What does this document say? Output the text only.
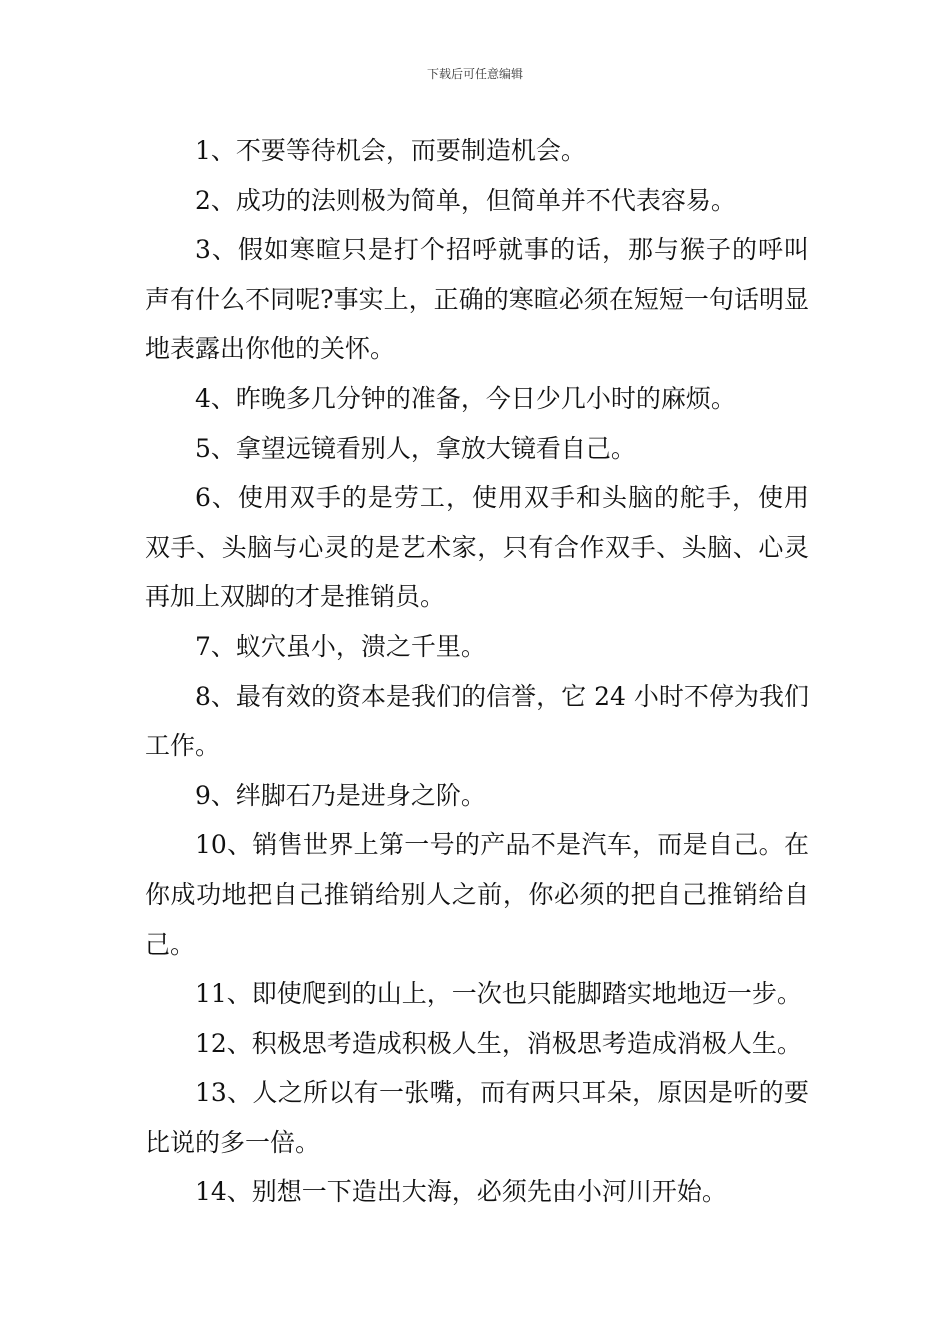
下载后可任意编辑

1、不要等待机会，而要制造机会。

2、成功的法则极为简单，但简单并不代表容易。

3、假如寒暄只是打个招呼就事的话，那与猴子的呼叫声有什么不同呢?事实上，正确的寒暄必须在短短一句话明显地表露出你他的关怀。

4、昨晚多几分钟的准备，今日少几小时的麻烦。

5、拿望远镜看别人，拿放大镜看自己。

6、使用双手的是劳工，使用双手和头脑的舵手，使用双手、头脑与心灵的是艺术家，只有合作双手、头脑、心灵再加上双脚的才是推销员。

7、蚁穴虽小，溃之千里。

8、最有效的资本是我们的信誉，它 24 小时不停为我们工作。

9、绊脚石乃是进身之阶。

10、销售世界上第一号的产品不是汽车，而是自己。在你成功地把自己推销给别人之前，你必须的把自己推销给自己。

11、即使爬到的山上，一次也只能脚踏实地地迈一步。

12、积极思考造成积极人生，消极思考造成消极人生。

13、人之所以有一张嘴，而有两只耳朵，原因是听的要比说的多一倍。

14、别想一下造出大海，必须先由小河川开始。
